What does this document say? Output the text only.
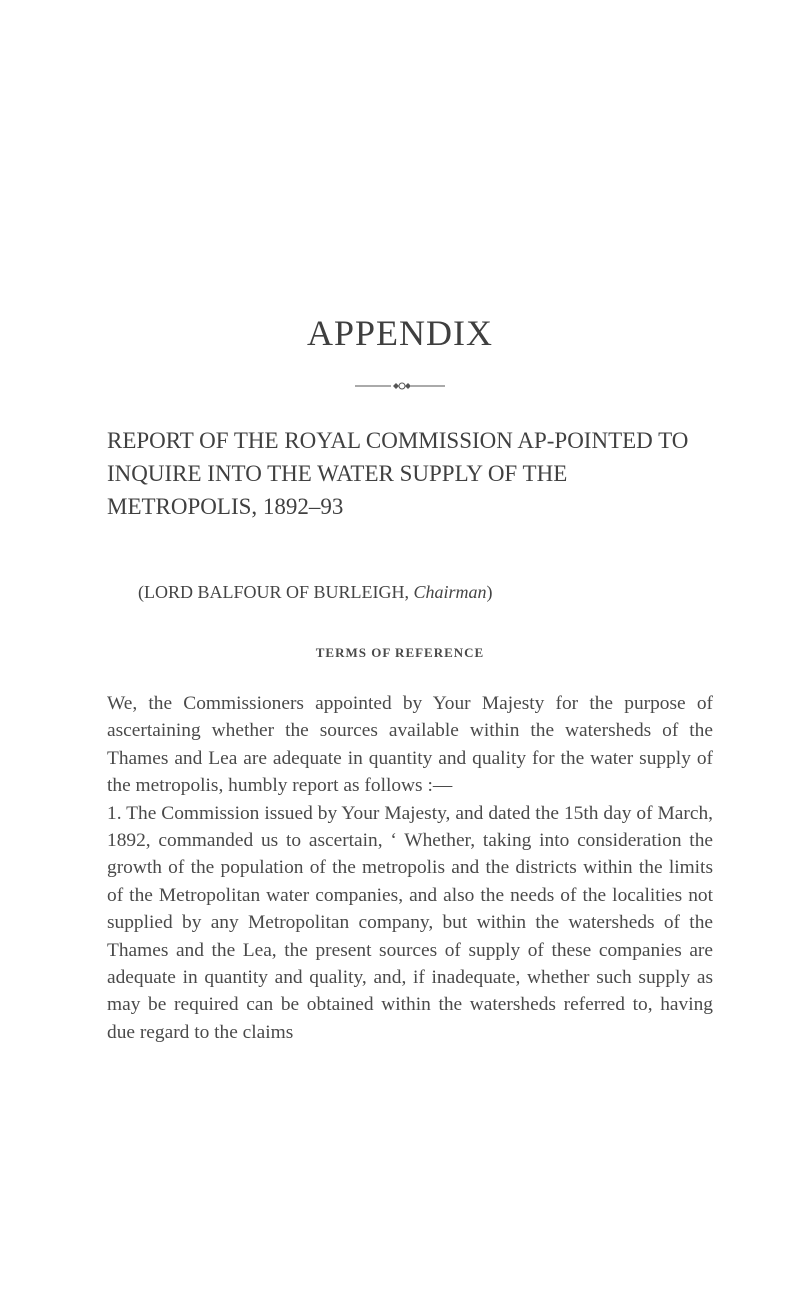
APPENDIX
REPORT OF THE ROYAL COMMISSION AP-POINTED TO INQUIRE INTO THE WATER SUPPLY OF THE METROPOLIS, 1892–93

(LORD BALFOUR OF BURLEIGH, Chairman)

TERMS OF REFERENCE

We, the Commissioners appointed by Your Majesty for the purpose of ascertaining whether the sources available within the watersheds of the Thames and Lea are adequate in quantity and quality for the water supply of the metropolis, humbly report as follows :—

1. The Commission issued by Your Majesty, and dated the 15th day of March, 1892, commanded us to ascertain, ‘ Whether, taking into consideration the growth of the population of the metropolis and the districts within the limits of the Metropolitan water companies, and also the needs of the localities not supplied by any Metropolitan company, but within the watersheds of the Thames and the Lea, the present sources of supply of these companies are adequate in quantity and quality, and, if inadequate, whether such supply as may be required can be obtained within the watersheds referred to, having due regard to the claims
